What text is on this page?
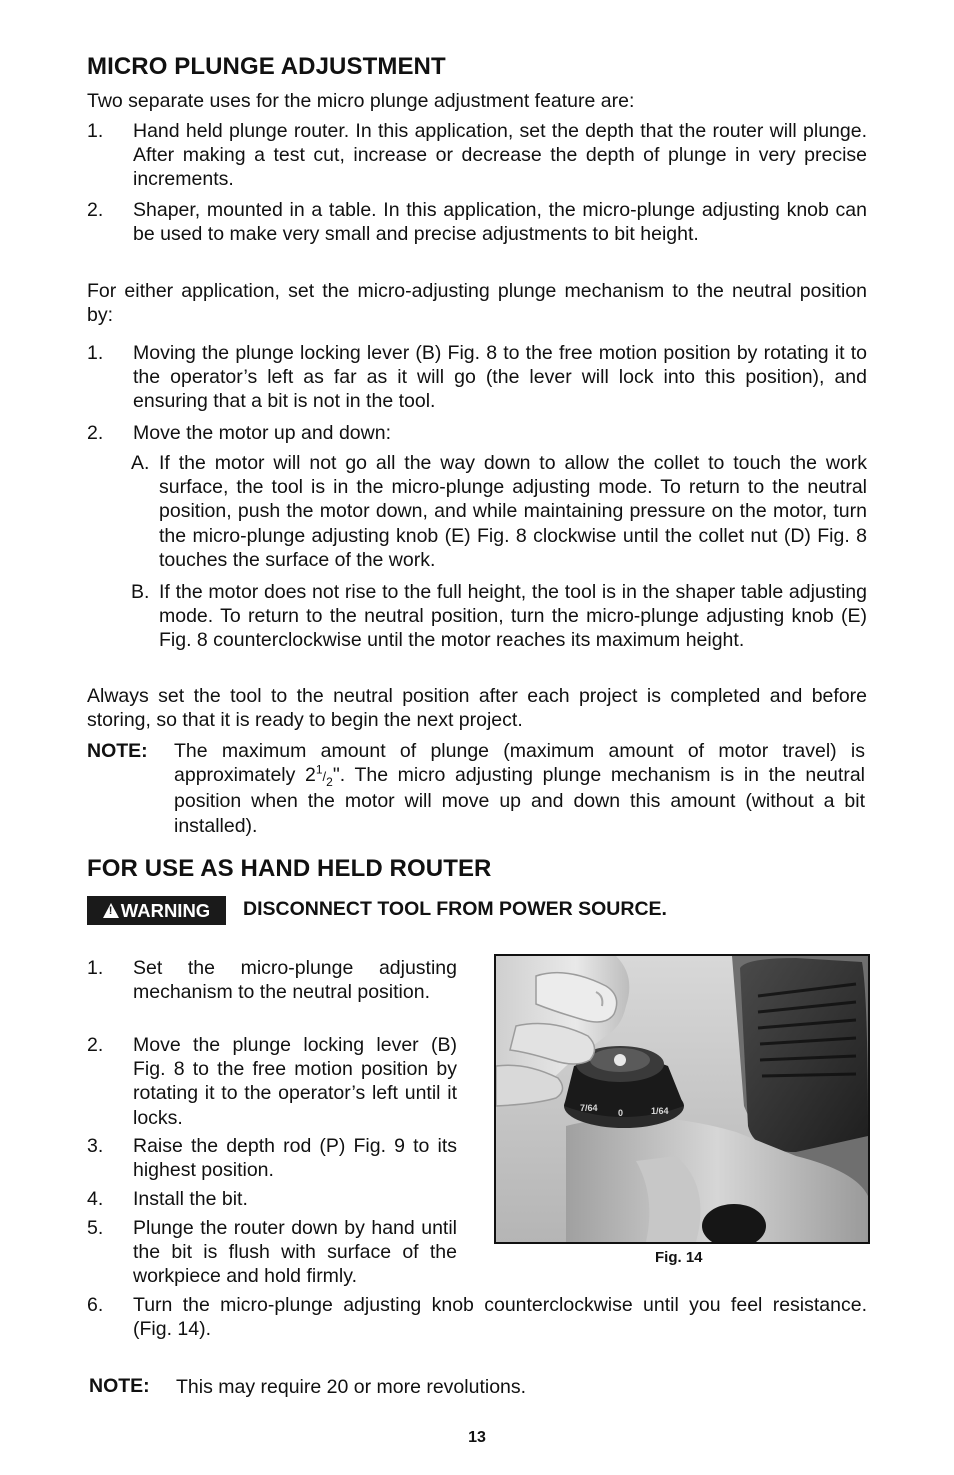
MICRO PLUNGE ADJUSTMENT
Two separate uses for the micro plunge adjustment feature are:
1. Hand held plunge router. In this application, set the depth that the router will plunge. After making a test cut, increase or decrease the depth of plunge in very precise increments.
2. Shaper, mounted in a table. In this application, the micro-plunge adjusting knob can be used to make very small and precise adjustments to bit height.
For either application, set the micro-adjusting plunge mechanism to the neutral position by:
1. Moving the plunge locking lever (B) Fig. 8 to the free motion position by rotating it to the operator’s left as far as it will go (the lever will lock into this position), and ensuring that a bit is not in the tool.
2. Move the motor up and down:
A. If the motor will not go all the way down to allow the collet to touch the work surface, the tool is in the micro-plunge adjusting mode. To return to the neutral position, push the motor down, and while maintaining pressure on the motor, turn the micro-plunge adjusting knob (E) Fig. 8 clockwise until the collet nut (D) Fig. 8 touches the surface of the work.
B. If the motor does not rise to the full height, the tool is in the shaper table adjusting mode. To return to the neutral position, turn the micro-plunge adjusting knob (E) Fig. 8 counterclockwise until the motor reaches its maximum height.
Always set the tool to the neutral position after each project is completed and before storing, so that it is ready to begin the next project.
NOTE: The maximum amount of plunge (maximum amount of motor travel) is approximately $2^1/_2$". The micro adjusting plunge mechanism is in the neutral position when the motor will move up and down this amount (without a bit installed).
FOR USE AS HAND HELD ROUTER
!
WARNING DISCONNECT TOOL FROM POWER SOURCE.
1. Set the micro-plunge adjusting mechanism to the neutral position.
2. Move the plunge locking lever (B) Fig. 8 to the free motion position by rotating it to the operator’s left until it locks.
3. Raise the depth rod (P) Fig. 9 to its highest position.
4. Install the bit.
5. Plunge the router down by hand until the bit is flush with surface of the workpiece and hold firmly.
6. Turn the micro-plunge adjusting knob counterclockwise until you feel resistance. (Fig. 14).
7/64 0	1/64
Fig. 14
NOTE: This may require 20 or more revolutions.
13
